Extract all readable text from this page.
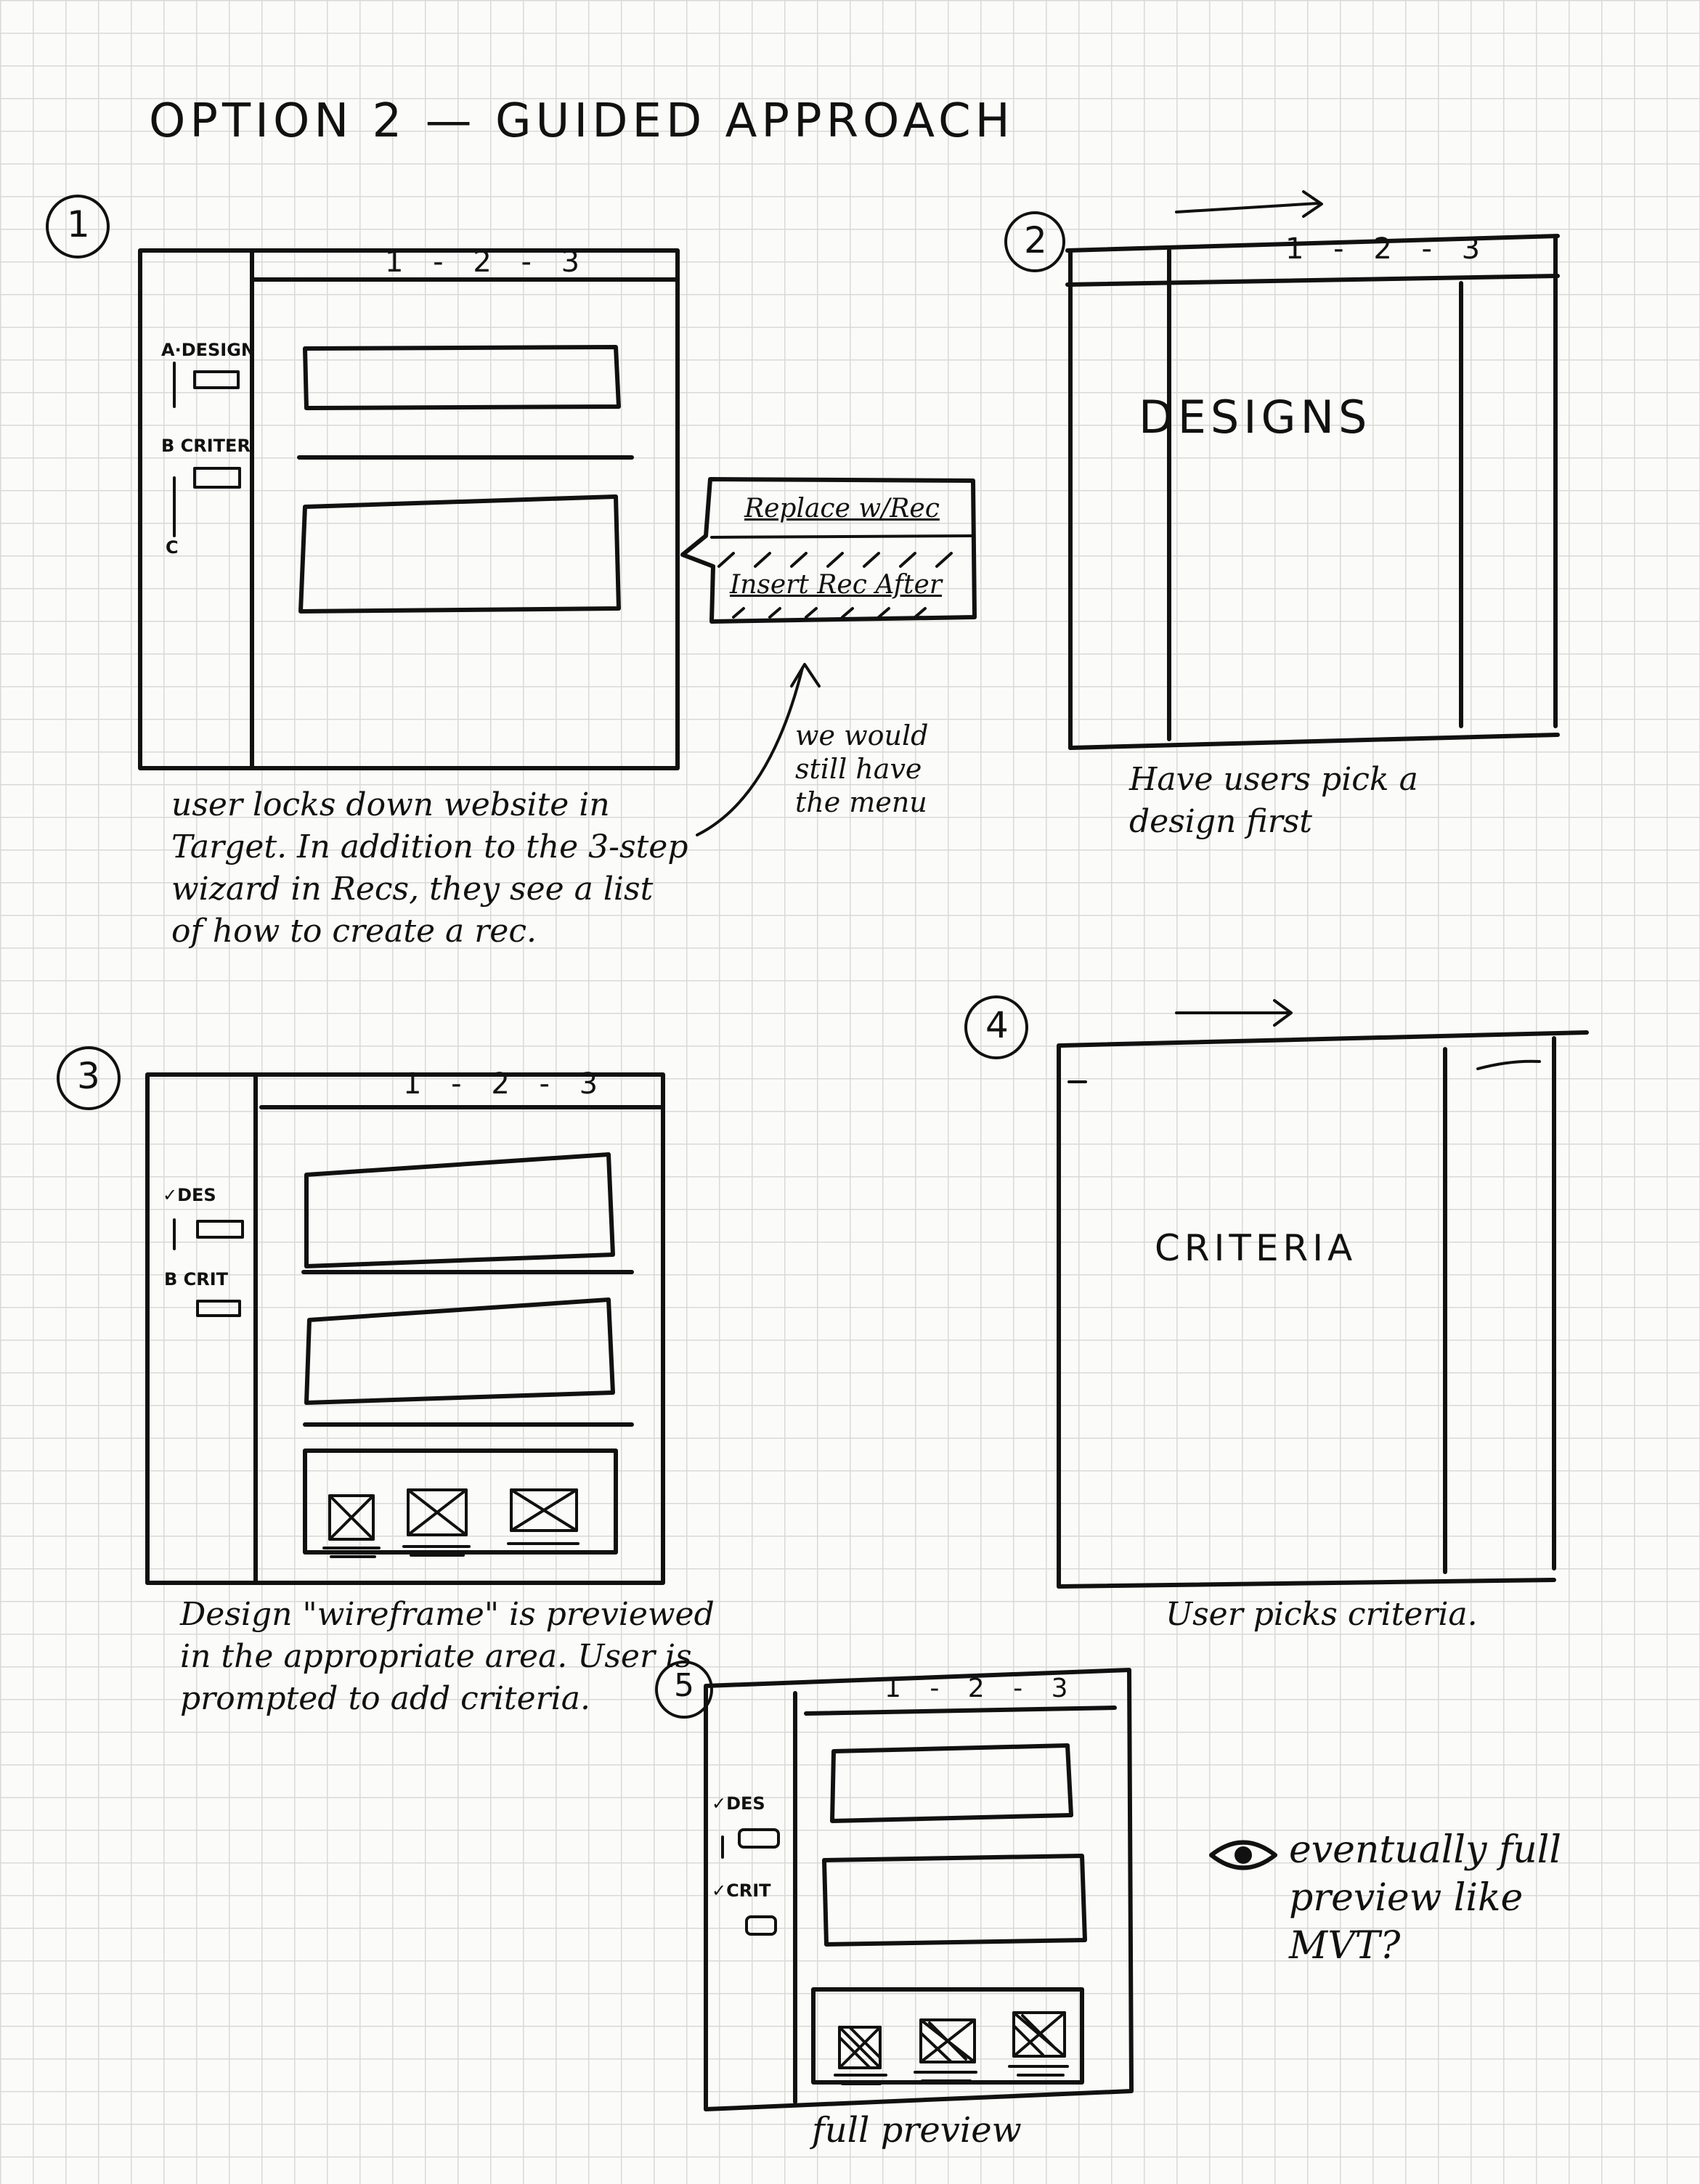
OPTION 2 — GUIDED APPROACH
1
1 - 2 - 3
A·DESIGN
B CRITER
C
user locks down website in Target. In addition to the 3-step wizard in Recs, they see a list of how to create a rec.
Replace w/Rec
Insert Rec After
we would still have the menu
2	1 - 2 - 3
DESIGNS
Have users pick a design first
3	1 - 2 - 3
✓DES
B CRIT
Design "wireframe" is previewed in the appropriate area. User is prompted to add criteria.
4
CRITERIA
User picks criteria.
5	1 - 2 - 3
✓DES
✓CRIT
full preview
eventually full preview like MVT?
